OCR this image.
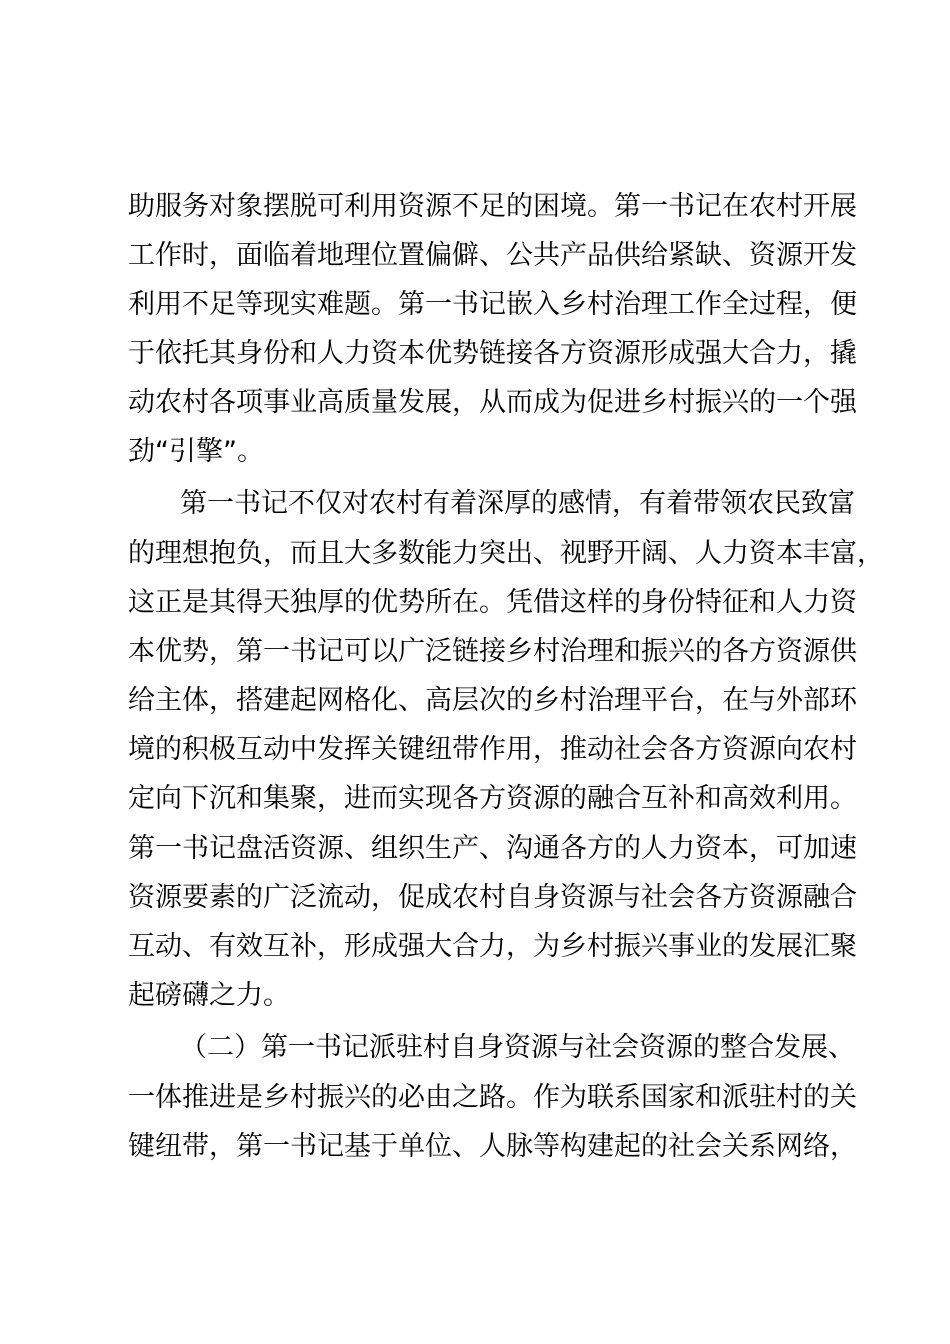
助服务对象摆脱可利用资源不足的困境。第一书记在农村开展
工作时，面临着地理位置偏僻、公共产品供给紧缺、资源开发
利用不足等现实难题。第一书记嵌入乡村治理工作全过程，便
于依托其身份和人力资本优势链接各方资源形成强大合力，撬
动农村各项事业高质量发展，从而成为促进乡村振兴的一个强
劲“引擎”。
第一书记不仅对农村有着深厚的感情，有着带领农民致富
的理想抱负，而且大多数能力突出、视野开阔、人力资本丰富，
这正是其得天独厚的优势所在。凭借这样的身份特征和人力资
本优势，第一书记可以广泛链接乡村治理和振兴的各方资源供
给主体，搭建起网格化、高层次的乡村治理平台，在与外部环
境的积极互动中发挥关键纽带作用，推动社会各方资源向农村
定向下沉和集聚，进而实现各方资源的融合互补和高效利用。
第一书记盘活资源、组织生产、沟通各方的人力资本，可加速
资源要素的广泛流动，促成农村自身资源与社会各方资源融合
互动、有效互补，形成强大合力，为乡村振兴事业的发展汇聚
起磅礴之力。
（二）第一书记派驻村自身资源与社会资源的整合发展、
一体推进是乡村振兴的必由之路。作为联系国家和派驻村的关
键纽带，第一书记基于单位、人脉等构建起的社会关系网络，
